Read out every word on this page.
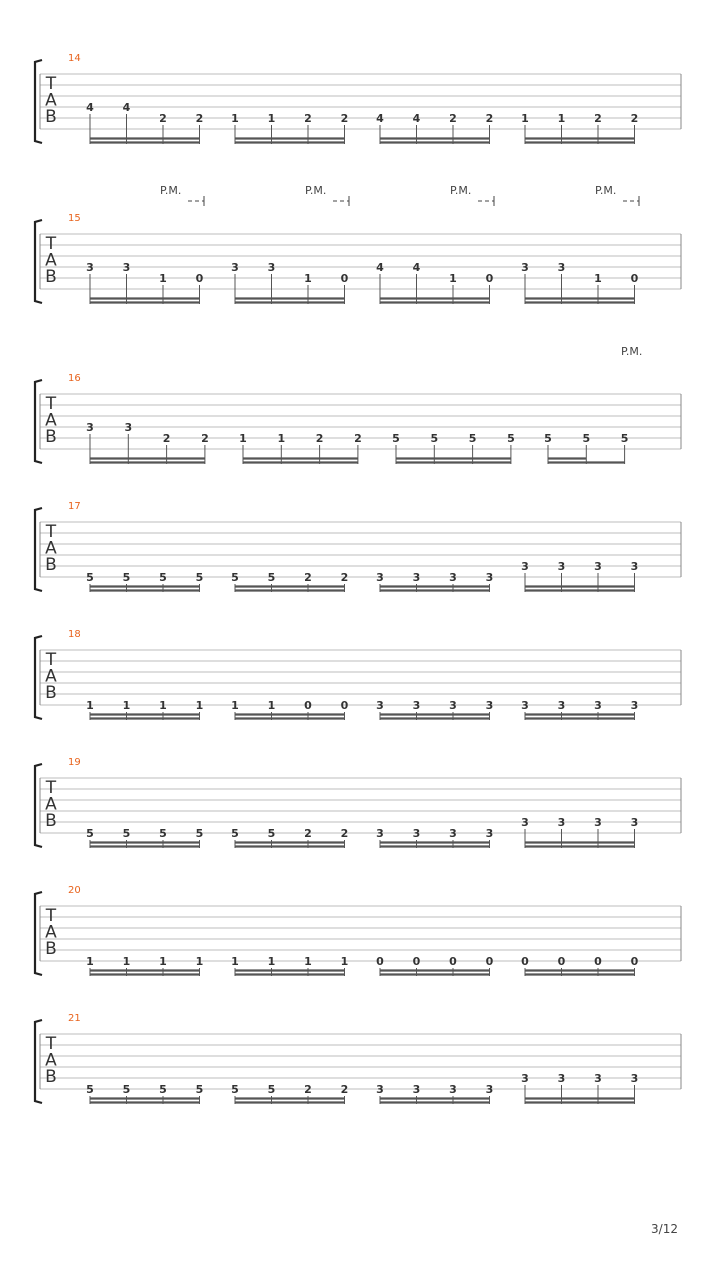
14
T
A
B	4	4
2	2	1	1	2	2	4	4	2	2	1	1	2	2
15
T
A
B	3	3
1	0
3	3
1	0
4	4
1	0
3	3
1	0
P.M.	P.M.	P.M.	P.M.
16
T
A
B	3	3
2	2	1	1	2	2	5	5	5	5	5	5	5
P.M.
17
T
A
B
5	5	5	5	5	5	2	2	3	3	3	3
3	3	3	3
18
T
A
B
1	1	1	1	1	1	0	0	3	3	3	3	3	3	3	3
19
T
A
B
5	5	5	5	5	5	2	2	3	3	3	3
3	3	3	3
20
T
A
B
1	1	1	1	1	1	1	1	0	0	0	0	0	0	0	0
21
T
A
B
5	5	5	5	5	5	2	2	3	3	3	3
3	3	3	3
3/12
